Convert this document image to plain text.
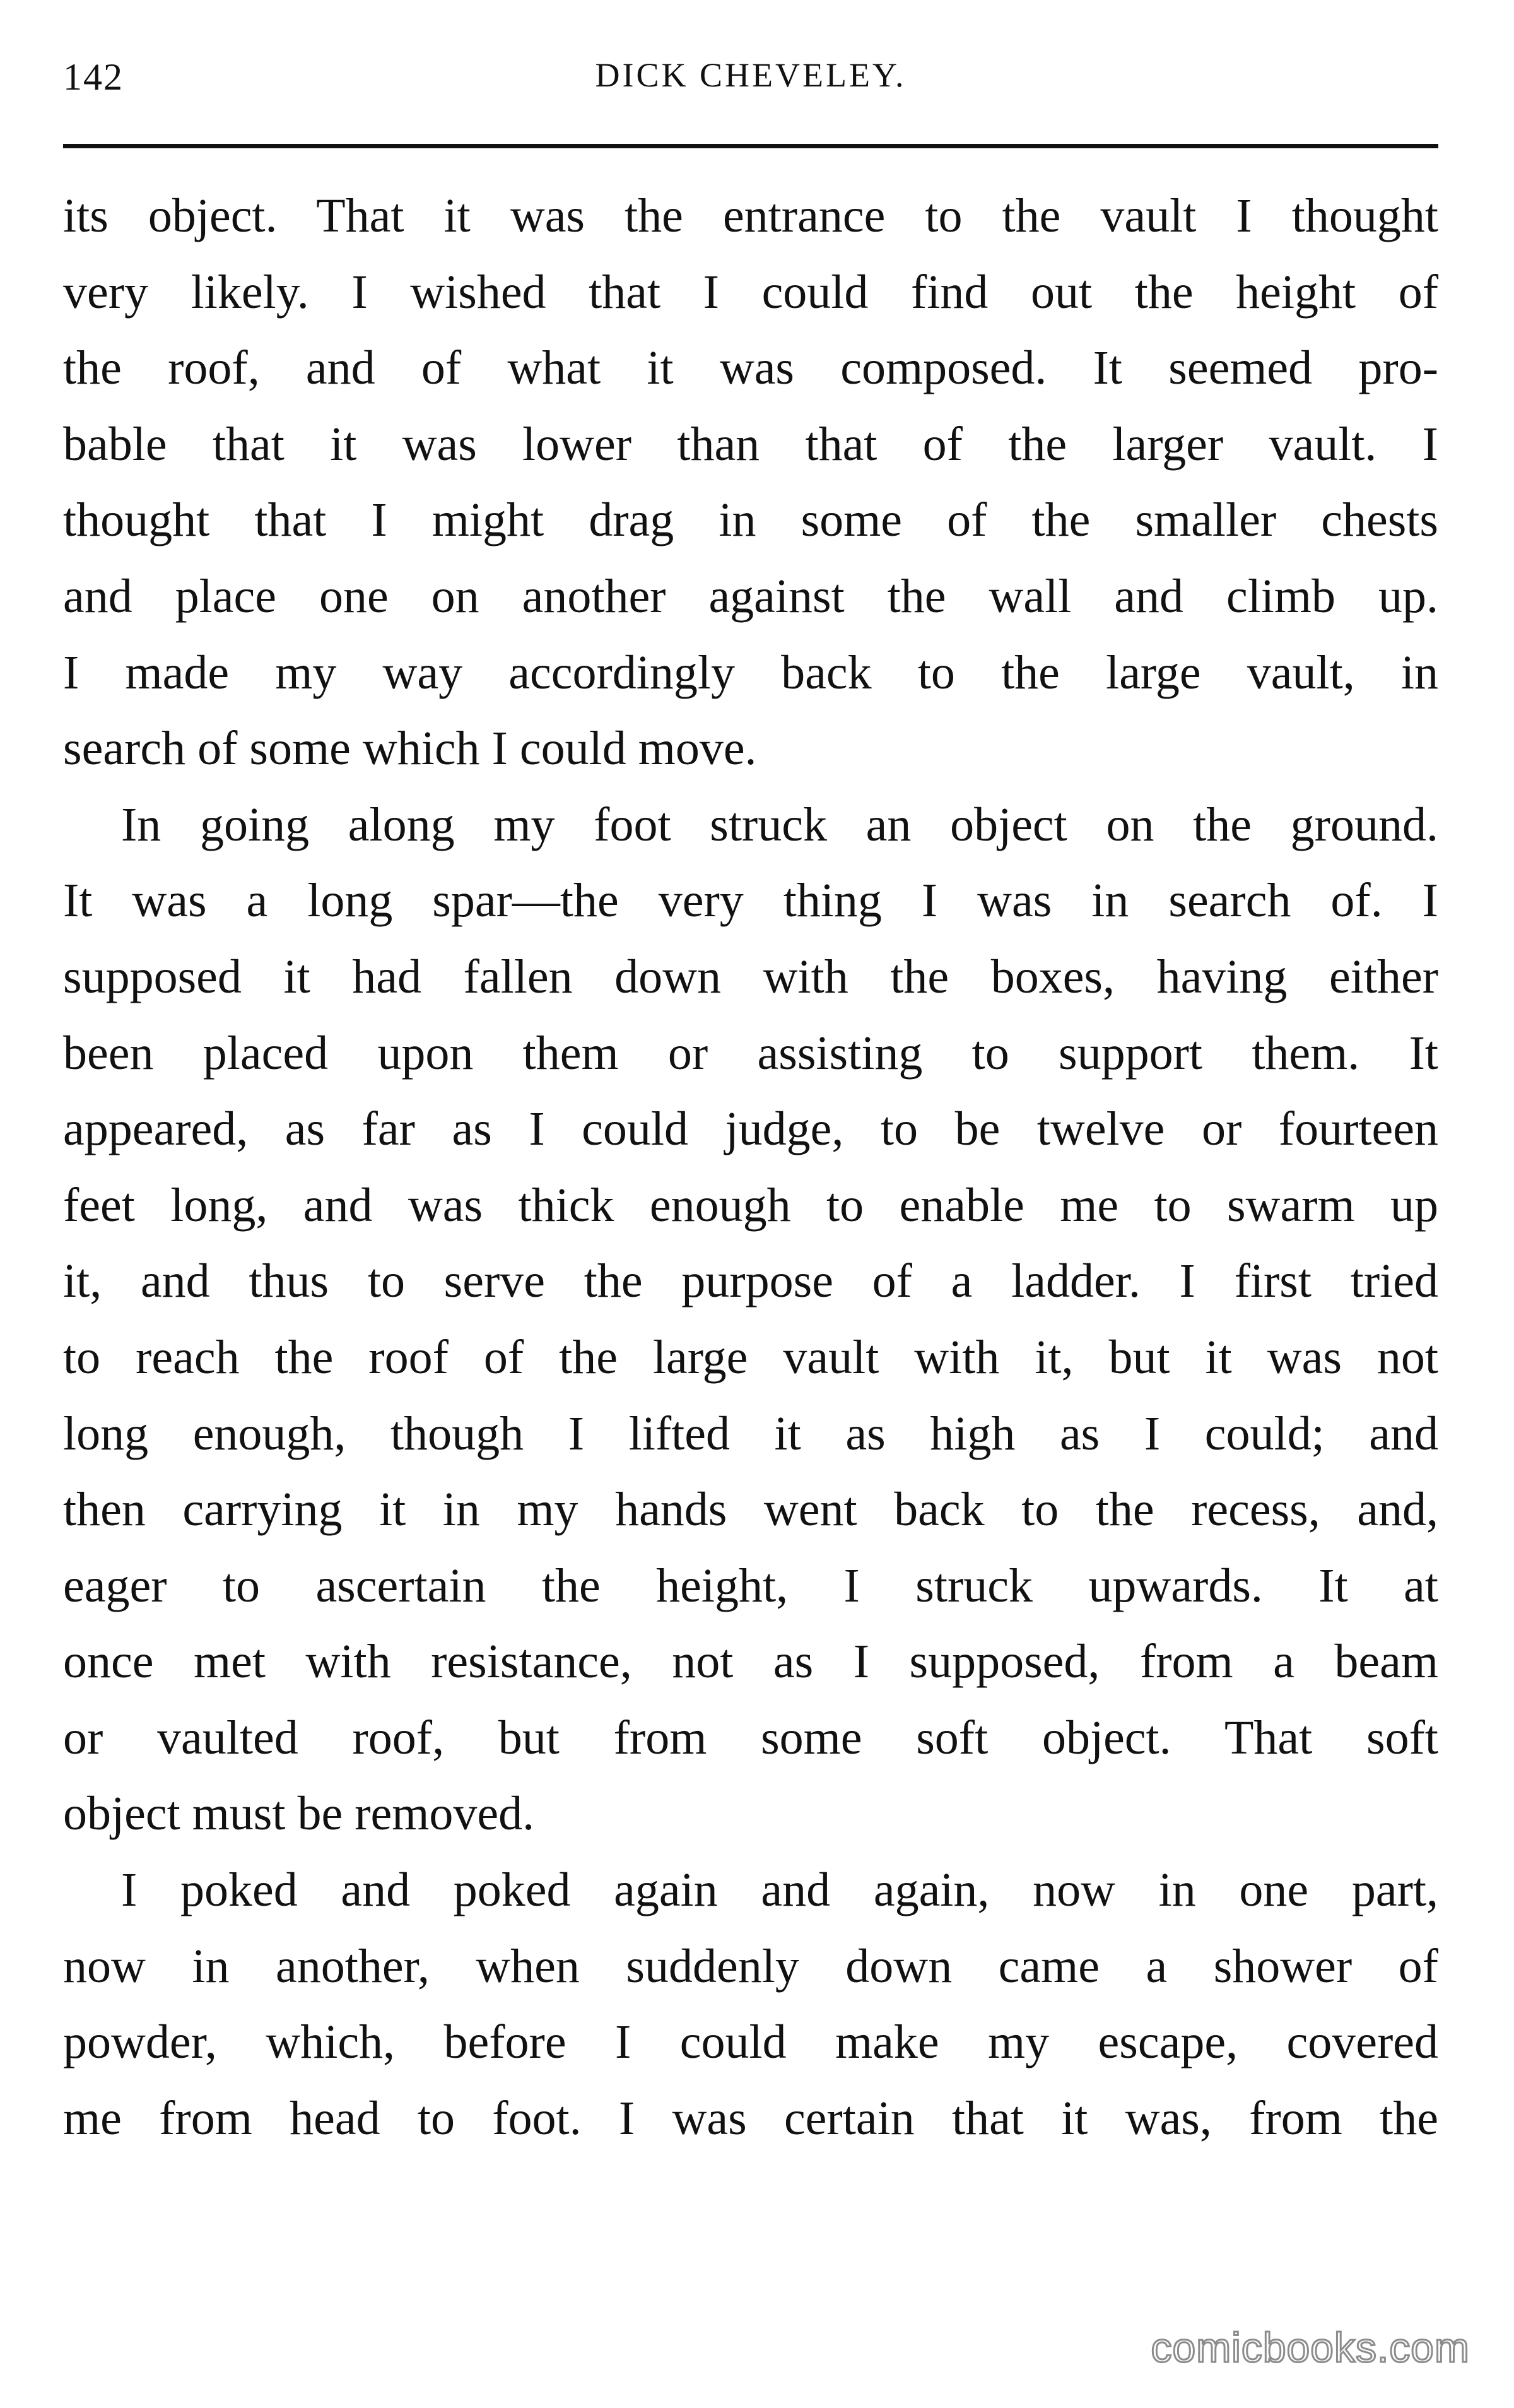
142	DICK CHEVELEY.
its object. That it was the entrance to the vault I thought
very likely. I wished that I could find out the height of
the roof, and of what it was composed. It seemed pro-
bable that it was lower than that of the larger vault. I
thought that I might drag in some of the smaller chests
and place one on another against the wall and climb up.
I made my way accordingly back to the large vault, in
search of some which I could move.
In going along my foot struck an object on the ground.
It was a long spar—the very thing I was in search of. I
supposed it had fallen down with the boxes, having either
been placed upon them or assisting to support them. It
appeared, as far as I could judge, to be twelve or fourteen
feet long, and was thick enough to enable me to swarm up
it, and thus to serve the purpose of a ladder. I first tried
to reach the roof of the large vault with it, but it was not
long enough, though I lifted it as high as I could; and
then carrying it in my hands went back to the recess, and,
eager to ascertain the height, I struck upwards. It at
once met with resistance, not as I supposed, from a beam
or vaulted roof, but from some soft object. That soft
object must be removed.
I poked and poked again and again, now in one part,
now in another, when suddenly down came a shower of
powder, which, before I could make my escape, covered
me from head to foot. I was certain that it was, from the
comicbooks.com
